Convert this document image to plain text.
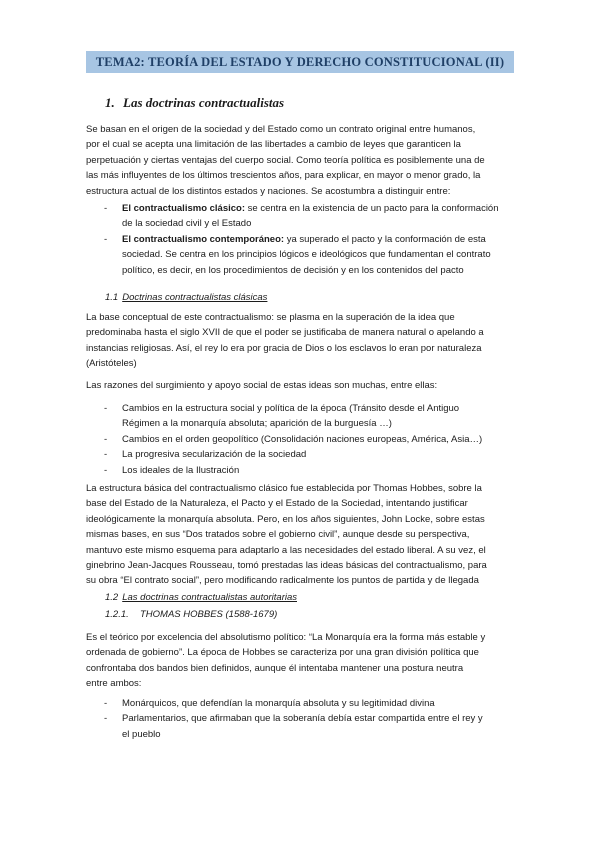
TEMA2: TEORÍA DEL ESTADO Y DERECHO CONSTITUCIONAL (II)
1. Las doctrinas contractualistas
Se basan en el origen de la sociedad y del Estado como un contrato original entre humanos,
por el cual se acepta una limitación de las libertades a cambio de leyes que garanticen la
perpetuación y ciertas ventajas del cuerpo social. Como teoría política es posiblemente una de
las más influyentes de los últimos trescientos años, para explicar, en mayor o menor grado, la
estructura actual de los distintos estados y naciones. Se acostumbra a distinguir entre:
- El contractualismo clásico: se centra en la existencia de un pacto para la conformación
de la sociedad civil y el Estado
- El contractualismo contemporáneo: ya superado el pacto y la conformación de esta
sociedad. Se centra en los principios lógicos e ideológicos que fundamentan el contrato
político, es decir, en los procedimientos de decisión y en los contenidos del pacto
1.1 Doctrinas contractualistas clásicas
La base conceptual de este contractualismo: se plasma en la superación de la idea que
predominaba hasta el siglo XVII de que el poder se justificaba de manera natural o apelando a
instancias religiosas. Así, el rey lo era por gracia de Dios o los esclavos lo eran por naturaleza
(Aristóteles)
Las razones del surgimiento y apoyo social de estas ideas son muchas, entre ellas:
- Cambios en la estructura social y política de la época (Tránsito desde el Antiguo
Régimen a la monarquía absoluta; aparición de la burguesía …)
- Cambios en el orden geopolítico (Consolidación naciones europeas, América, Asia…)
- La progresiva secularización de la sociedad
- Los ideales de la Ilustración
La estructura básica del contractualismo clásico fue establecida por Thomas Hobbes, sobre la
base del Estado de la Naturaleza, el Pacto y el Estado de la Sociedad, intentando justificar
ideológicamente la monarquía absoluta. Pero, en los años siguientes, John Locke, sobre estas
mismas bases, en sus “Dos tratados sobre el gobierno civil”, aunque desde su perspectiva,
mantuvo este mismo esquema para adaptarlo a las necesidades del estado liberal. A su vez, el
ginebrino Jean-Jacques Rousseau, tomó prestadas las ideas básicas del contractualismo, para
su obra “El contrato social”, pero modificando radicalmente los puntos de partida y de llegada
1.2 Las doctrinas contractualistas autoritarias
1.2.1. THOMAS HOBBES (1588-1679)
Es el teórico por excelencia del absolutismo político: “La Monarquía era la forma más estable y
ordenada de gobierno”. La época de Hobbes se caracteriza por una gran división política que
confrontaba dos bandos bien definidos, aunque él intentaba mantener una postura neutra
entre ambos:
- Monárquicos, que defendían la monarquía absoluta y su legitimidad divina
- Parlamentarios, que afirmaban que la soberanía debía estar compartida entre el rey y
el pueblo
